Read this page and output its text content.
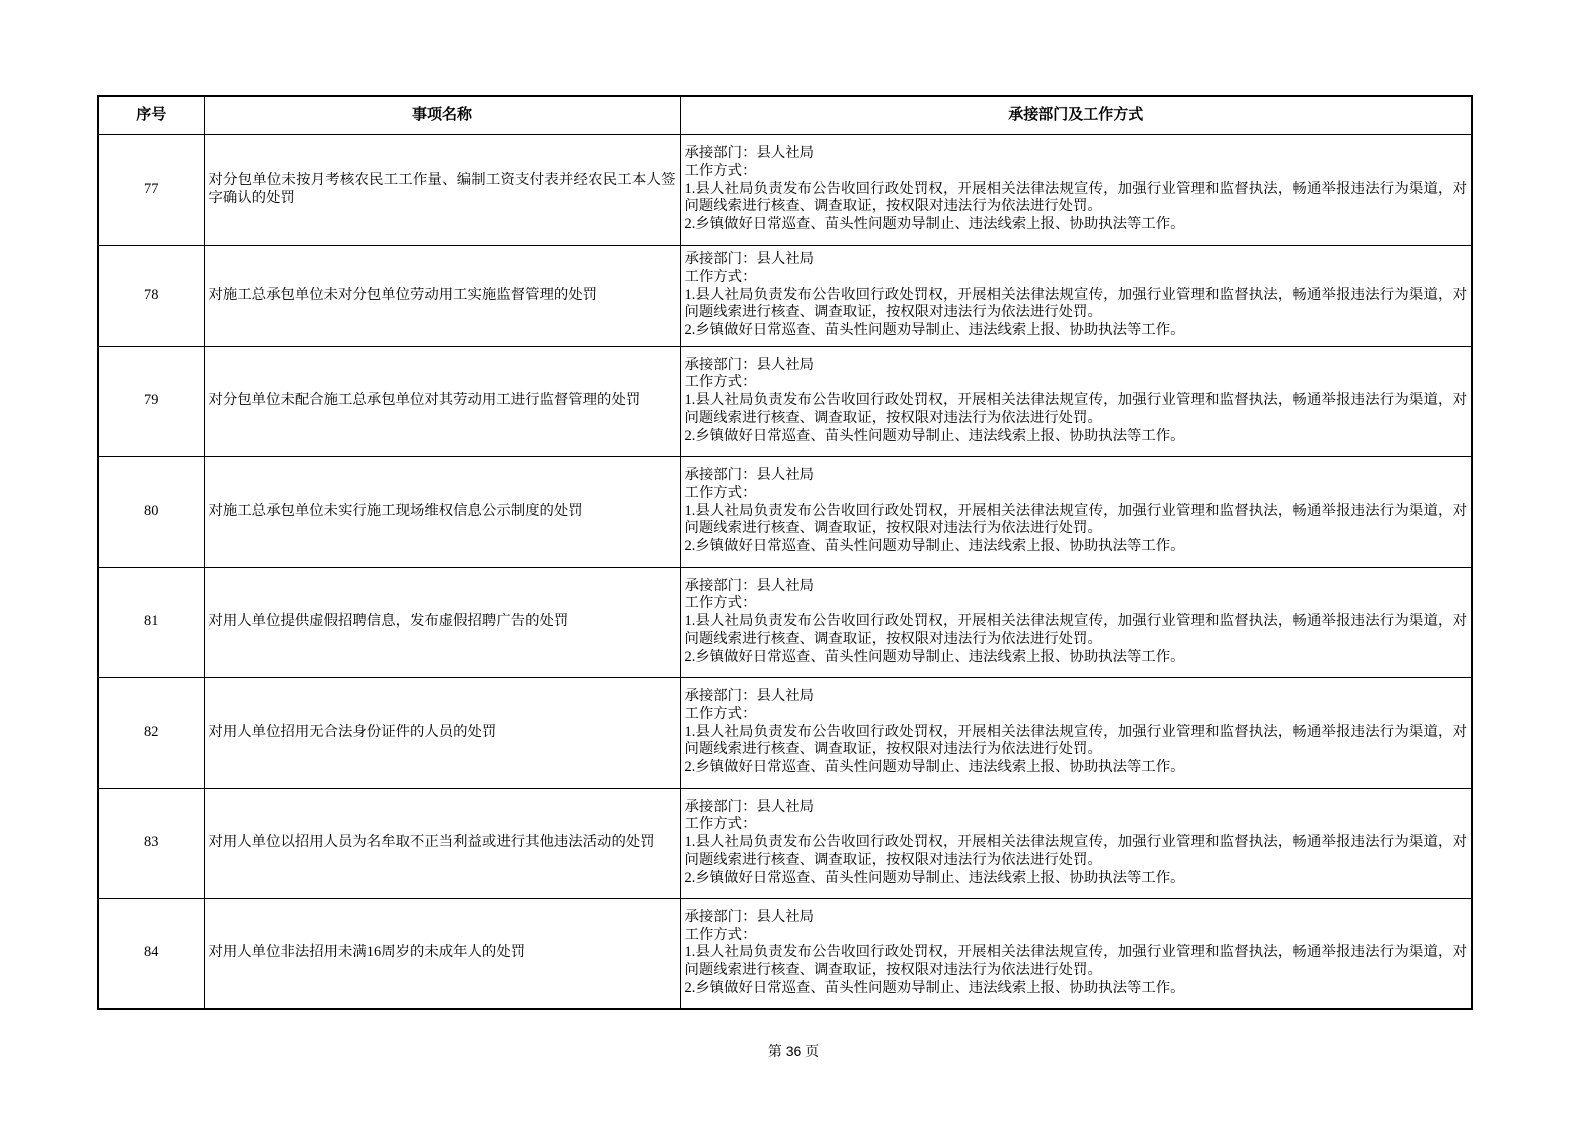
序号	事项名称	承接部门及工作方式
77	对分包单位未按月考核农民工工作量、编制工资支付表并经农民工本人签字确认的处罚	承接部门：县人社局
工作方式：
1.县人社局负责发布公告收回行政处罚权，开展相关法律法规宣传，加强行业管理和监督执法，畅通举报违法行为渠道，对问题线索进行核查、调查取证，按权限对违法行为依法进行处罚。
2.乡镇做好日常巡查、苗头性问题劝导制止、违法线索上报、协助执法等工作。

78	对施工总承包单位未对分包单位劳动用工实施监督管理的处罚	承接部门：县人社局
工作方式：
1.县人社局负责发布公告收回行政处罚权，开展相关法律法规宣传，加强行业管理和监督执法，畅通举报违法行为渠道，对问题线索进行核查、调查取证，按权限对违法行为依法进行处罚。
2.乡镇做好日常巡查、苗头性问题劝导制止、违法线索上报、协助执法等工作。

79	对分包单位未配合施工总承包单位对其劳动用工进行监督管理的处罚	承接部门：县人社局
工作方式：
1.县人社局负责发布公告收回行政处罚权，开展相关法律法规宣传，加强行业管理和监督执法，畅通举报违法行为渠道，对问题线索进行核查、调查取证，按权限对违法行为依法进行处罚。
2.乡镇做好日常巡查、苗头性问题劝导制止、违法线索上报、协助执法等工作。

80	对施工总承包单位未实行施工现场维权信息公示制度的处罚	承接部门：县人社局
工作方式：
1.县人社局负责发布公告收回行政处罚权，开展相关法律法规宣传，加强行业管理和监督执法，畅通举报违法行为渠道，对问题线索进行核查、调查取证，按权限对违法行为依法进行处罚。
2.乡镇做好日常巡查、苗头性问题劝导制止、违法线索上报、协助执法等工作。

81	对用人单位提供虚假招聘信息，发布虚假招聘广告的处罚	承接部门：县人社局
工作方式：
1.县人社局负责发布公告收回行政处罚权，开展相关法律法规宣传，加强行业管理和监督执法，畅通举报违法行为渠道，对问题线索进行核查、调查取证，按权限对违法行为依法进行处罚。
2.乡镇做好日常巡查、苗头性问题劝导制止、违法线索上报、协助执法等工作。

82	对用人单位招用无合法身份证件的人员的处罚	承接部门：县人社局
工作方式：
1.县人社局负责发布公告收回行政处罚权，开展相关法律法规宣传，加强行业管理和监督执法，畅通举报违法行为渠道，对问题线索进行核查、调查取证，按权限对违法行为依法进行处罚。
2.乡镇做好日常巡查、苗头性问题劝导制止、违法线索上报、协助执法等工作。

83	对用人单位以招用人员为名牟取不正当利益或进行其他违法活动的处罚	承接部门：县人社局
工作方式：
1.县人社局负责发布公告收回行政处罚权，开展相关法律法规宣传，加强行业管理和监督执法，畅通举报违法行为渠道，对问题线索进行核查、调查取证，按权限对违法行为依法进行处罚。
2.乡镇做好日常巡查、苗头性问题劝导制止、违法线索上报、协助执法等工作。

84	对用人单位非法招用未满16周岁的未成年人的处罚	承接部门：县人社局
工作方式：
1.县人社局负责发布公告收回行政处罚权，开展相关法律法规宣传，加强行业管理和监督执法，畅通举报违法行为渠道，对问题线索进行核查、调查取证，按权限对违法行为依法进行处罚。
2.乡镇做好日常巡查、苗头性问题劝导制止、违法线索上报、协助执法等工作。
第 36 页
